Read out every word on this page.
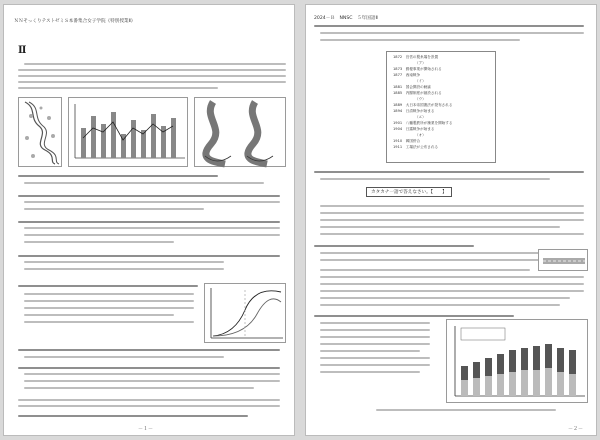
ＮＮそっくりテストゼミＳ本番集合女子学院《特別授業Ⅱ》
Ⅱ
－１－
2024－Ｂ　NNSC　５年国語Ⅱ
1872　 官営の製糸場を設置
（ア）
1873　 郵便事業が開始される
1877　 西南戦争
（イ）
1881　 国会開設の勅諭
1885　 内閣制度が創設される
（ウ）
1889　 大日本帝国憲法が発布される
1894　 日清戦争が始まる
（エ）
1901　 八幡製鉄所が操業を開始する
1904　 日露戦争が始まる
（オ）
1910　 韓国併合
1911　 工場法が公布される
カタカナ一語で答えなさい。【　　】
－２－
